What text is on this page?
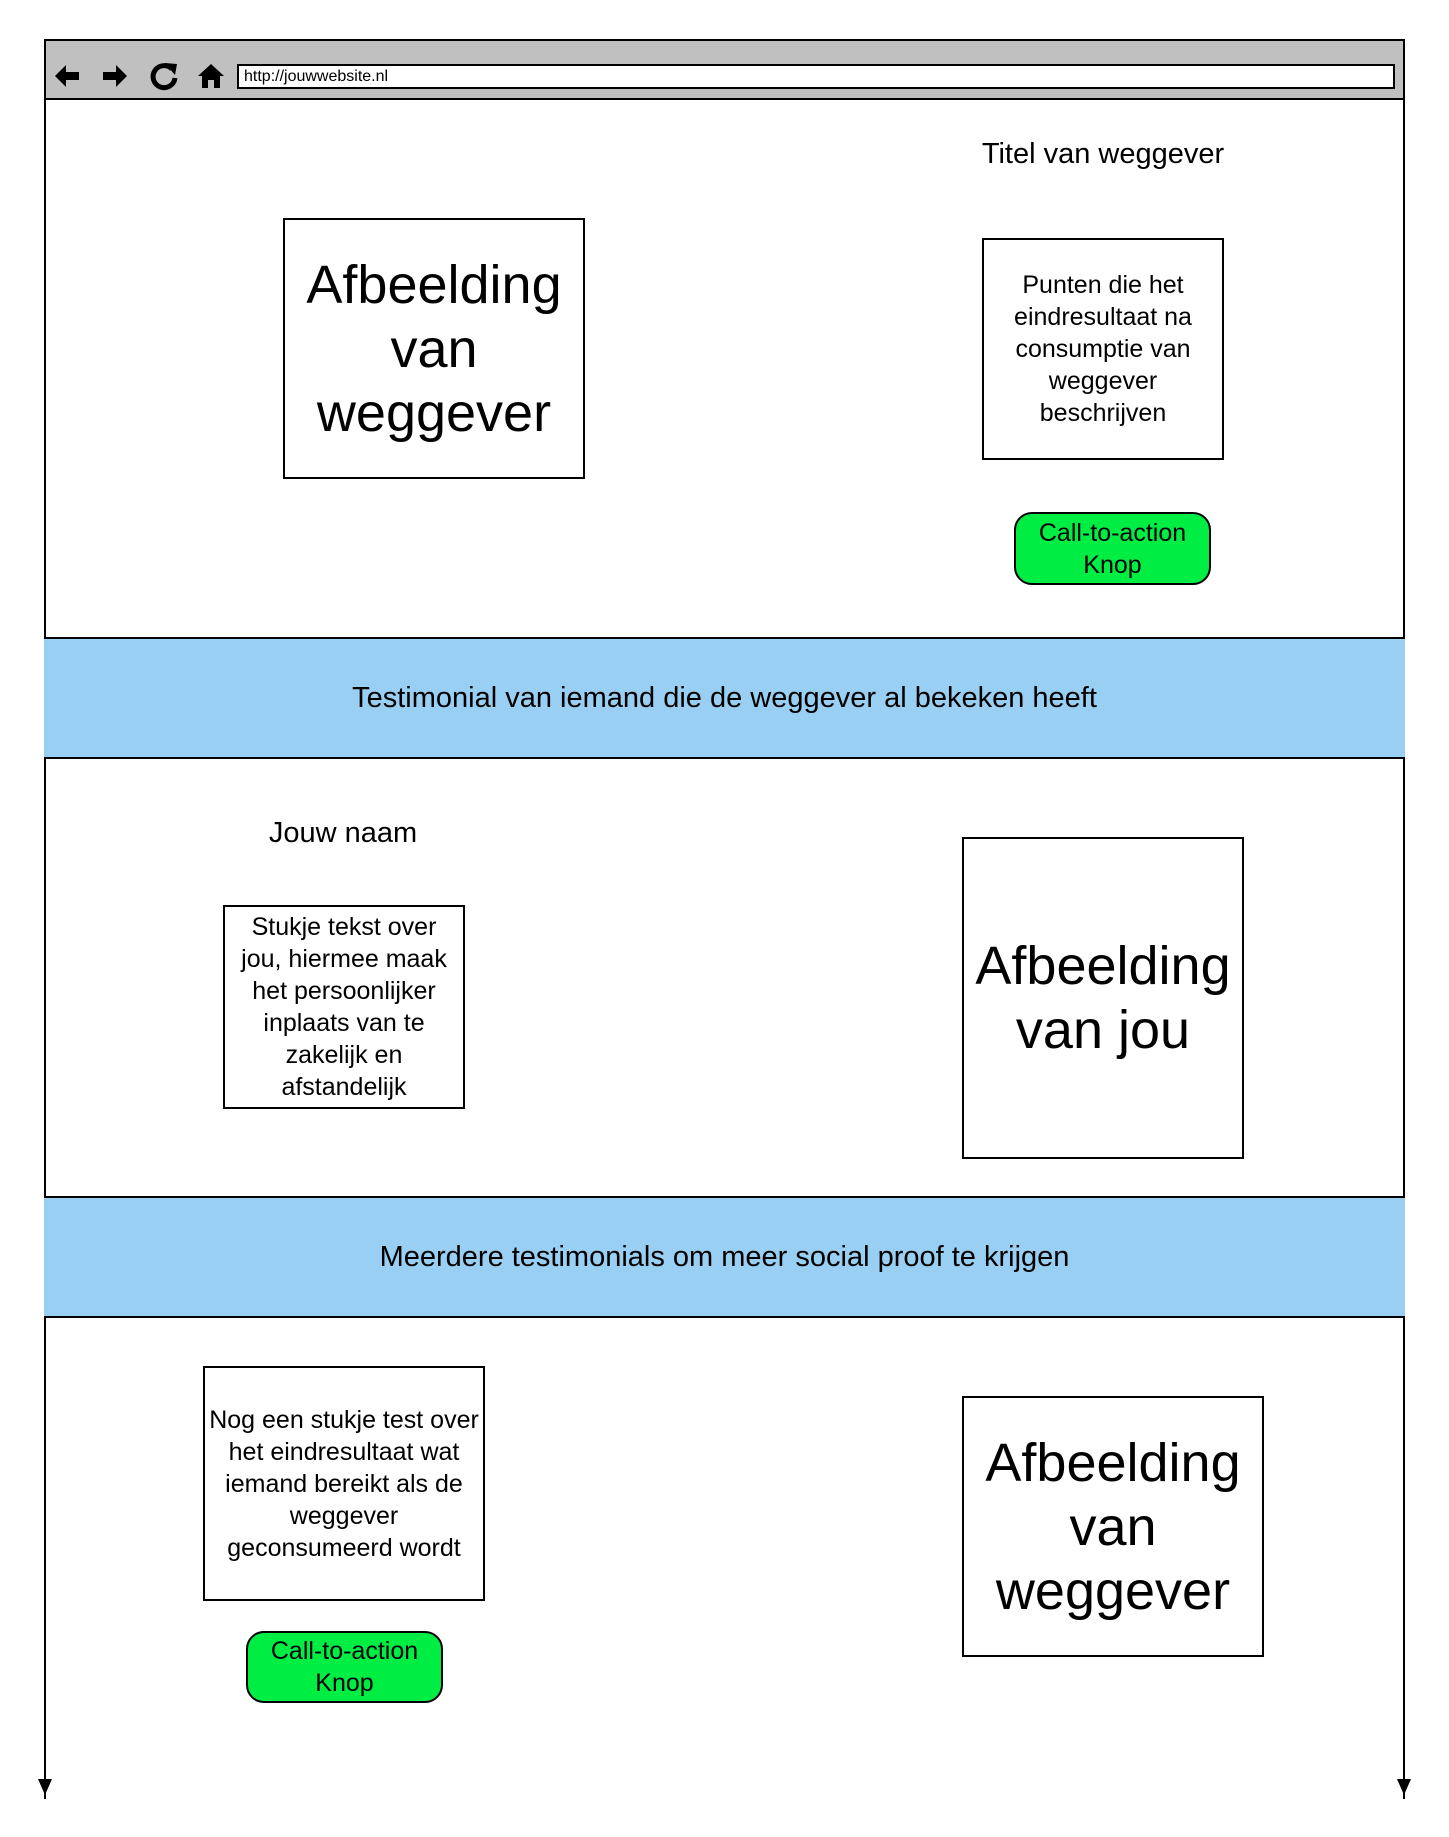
http://jouwwebsite.nl
Afbeelding van weggever
Titel van weggever
Punten die het eindresultaat na consumptie van weggever beschrijven
Call-to-action Knop
Testimonial van iemand die de weggever al bekeken heeft
Jouw naam
Stukje tekst over jou, hiermee maak het persoonlijker inplaats van te zakelijk en afstandelijk
Afbeelding van jou
Meerdere testimonials om meer social proof te krijgen
Nog een stukje test over het eindresultaat wat iemand bereikt als de weggever geconsumeerd wordt
Call-to-action Knop
Afbeelding van weggever
